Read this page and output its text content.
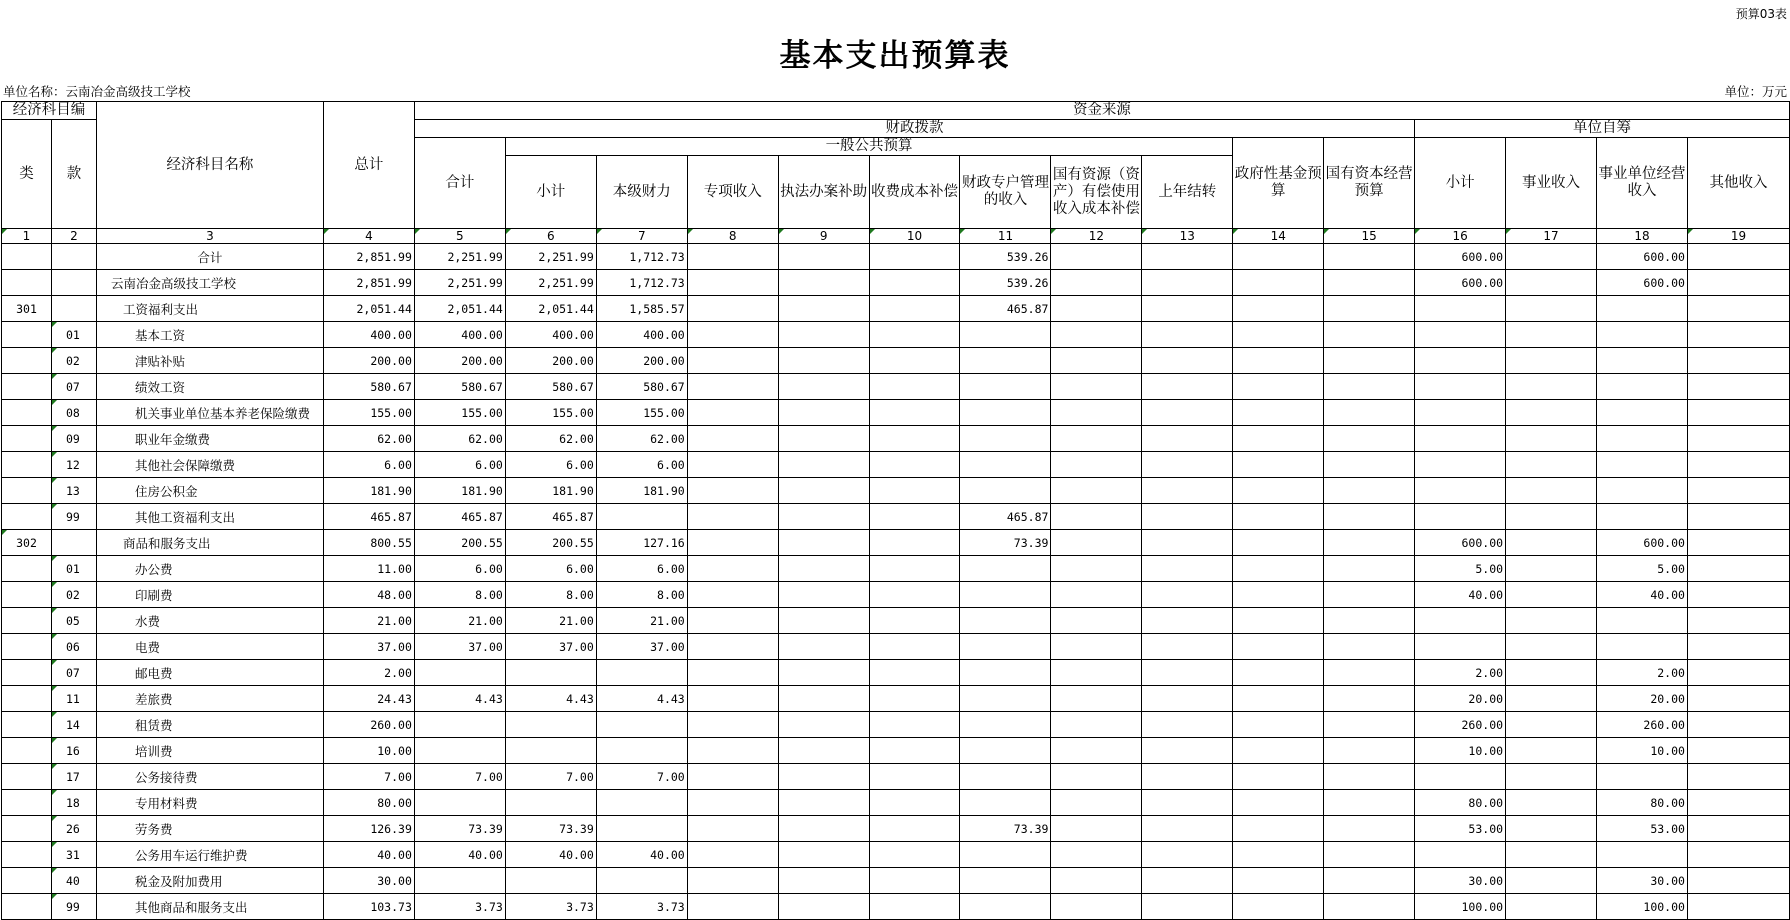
预算03表
基本支出预算表
单位名称：云南冶金高级技工学校	单位：万元
经济科目编		经济科目名称	总计	资金来源														
类	款			财政拨款											单位自筹			
				合计	一般公共预算								政府性基金预算	国有资本经营预算	小计	事业收入	事业单位经营收入	其他收入
					小计	本级财力	专项收入	执法办案补助	收费成本补偿	财政专户管理的收入	国有资源（资产）有偿使用收入成本补偿	上年结转						
1	2	3	4	5	6	7	8	9	10	11	12	13	14	15	16	17	18	19
		合计	2,851.99	2,251.99	2,251.99	1,712.73				539.26					600.00		600.00	
		云南冶金高级技工学校	2,851.99	2,251.99	2,251.99	1,712.73				539.26					600.00		600.00	
301		工资福利支出	2,051.44	2,051.44	2,051.44	1,585.57				465.87								
	01	基本工资	400.00	400.00	400.00	400.00												
	02	津贴补贴	200.00	200.00	200.00	200.00												
	07	绩效工资	580.67	580.67	580.67	580.67												
	08	机关事业单位基本养老保险缴费	155.00	155.00	155.00	155.00												
	09	职业年金缴费	62.00	62.00	62.00	62.00												
	12	其他社会保障缴费	6.00	6.00	6.00	6.00												
	13	住房公积金	181.90	181.90	181.90	181.90												
	99	其他工资福利支出	465.87	465.87	465.87					465.87								
302		商品和服务支出	800.55	200.55	200.55	127.16				73.39					600.00		600.00	
	01	办公费	11.00	6.00	6.00	6.00									5.00		5.00	
	02	印刷费	48.00	8.00	8.00	8.00									40.00		40.00	
	05	水费	21.00	21.00	21.00	21.00												
	06	电费	37.00	37.00	37.00	37.00												
	07	邮电费	2.00												2.00		2.00	
	11	差旅费	24.43	4.43	4.43	4.43									20.00		20.00	
	14	租赁费	260.00												260.00		260.00	
	16	培训费	10.00												10.00		10.00	
	17	公务接待费	7.00	7.00	7.00	7.00												
	18	专用材料费	80.00												80.00		80.00	
	26	劳务费	126.39	73.39	73.39					73.39					53.00		53.00	
	31	公务用车运行维护费	40.00	40.00	40.00	40.00												
	40	税金及附加费用	30.00												30.00		30.00	
	99	其他商品和服务支出	103.73	3.73	3.73	3.73									100.00		100.00	
